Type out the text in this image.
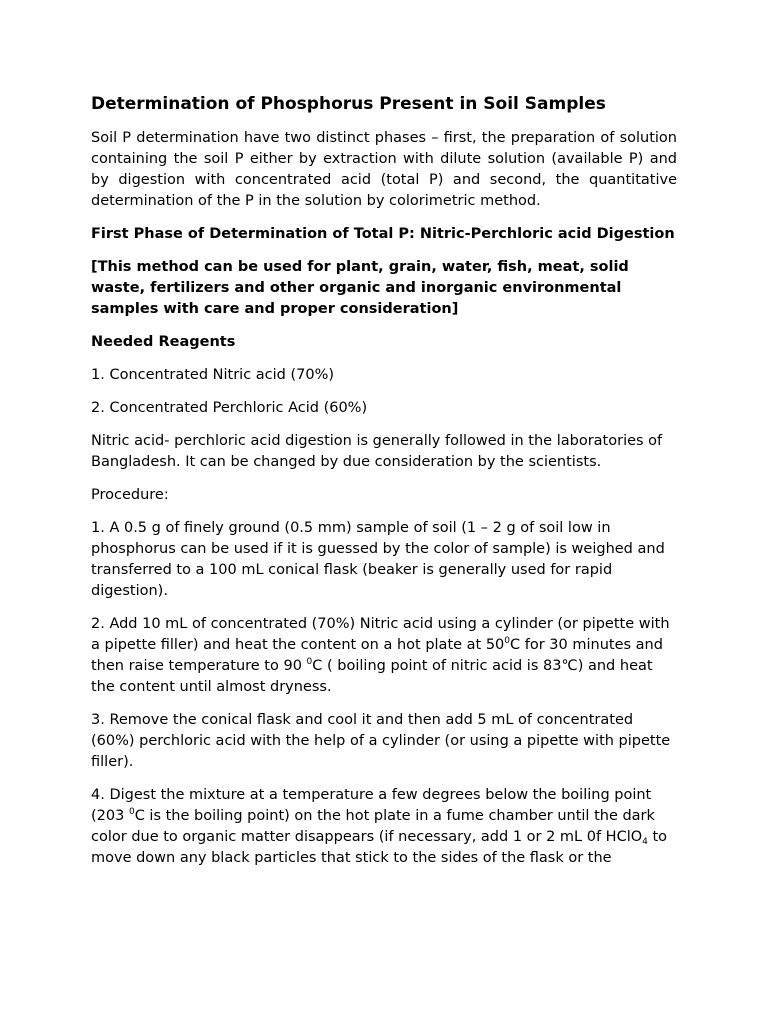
Determination of Phosphorus Present in Soil Samples

Soil P determination have two distinct phases – first, the preparation of solution containing the soil P either by extraction with dilute solution (available P) and by digestion with concentrated acid (total P) and second, the quantitative determination of the P in the solution by colorimetric method.

First Phase of Determination of Total P: Nitric-Perchloric acid Digestion

[This method can be used for plant, grain, water, fish, meat, solid waste, fertilizers and other organic and inorganic environmental samples with care and proper consideration]

Needed Reagents

1. Concentrated Nitric acid (70%)

2. Concentrated Perchloric Acid (60%)

Nitric acid- perchloric acid digestion is generally followed in the laboratories of Bangladesh. It can be changed by due consideration by the scientists.

Procedure:

1. A 0.5 g of finely ground (0.5 mm) sample of soil (1 – 2 g of soil low in phosphorus can be used if it is guessed by the color of sample) is weighed and transferred to a 100 mL conical flask (beaker is generally used for rapid digestion).

2. Add 10 mL of concentrated (70%) Nitric acid using a cylinder (or pipette with a pipette filler) and heat the content on a hot plate at $50^0C$ for 30 minutes and then raise temperature to 90 $^0$C ( boiling point of nitric acid is 83℃) and heat the content until almost dryness.

3. Remove the conical flask and cool it and then add 5 mL of concentrated (60%) perchloric acid with the help of a cylinder (or using a pipette with pipette filler).

4. Digest the mixture at a temperature a few degrees below the boiling point (203 $^0$C is the boiling point) on the hot plate in a fume chamber until the dark color due to organic matter disappears (if necessary, add 1 or 2 mL 0f HClO$_4$ to move down any black particles that stick to the sides of the flask or the
